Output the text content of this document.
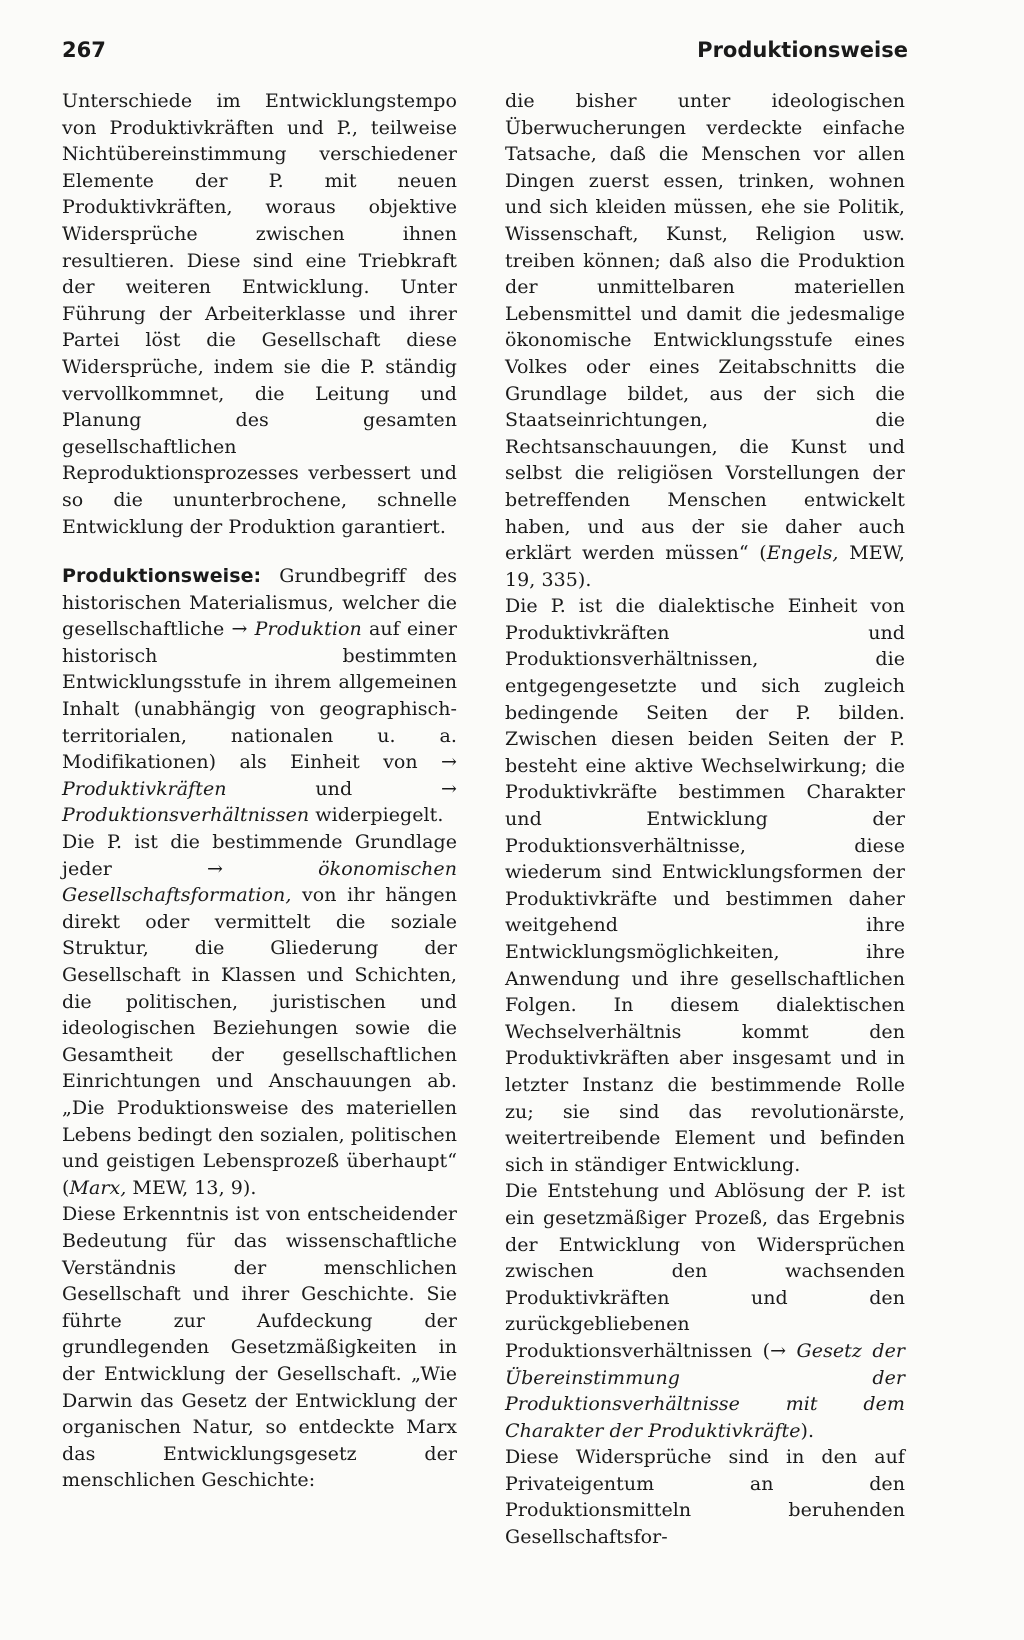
267	Produktionsweise

Unterschiede im Entwicklungstempo von Produktivkräften und P., teilweise Nichtübereinstimmung verschiedener Elemente der P. mit neuen Produktivkräften, woraus objektive Widersprüche zwischen ihnen resultieren. Diese sind eine Triebkraft der weiteren Entwicklung. Unter Führung der Arbeiterklasse und ihrer Partei löst die Gesellschaft diese Widersprüche, indem sie die P. ständig vervollkommnet, die Leitung und Planung des gesamten gesellschaftlichen Reproduktionsprozesses verbessert und so die ununterbrochene, schnelle Entwicklung der Produktion garantiert.

Produktionsweise: Grundbegriff des historischen Materialismus, welcher die gesellschaftliche → Produktion auf einer historisch bestimmten Entwicklungsstufe in ihrem allgemeinen Inhalt (unabhängig von geographisch-territorialen, nationalen u. a. Modifikationen) als Einheit von → Produktivkräften und → Produktionsverhältnissen widerpiegelt.

Die P. ist die bestimmende Grundlage jeder →	ökonomischen Gesellschaftsformation, von ihr hängen direkt oder vermittelt die soziale Struktur, die Gliederung der Gesellschaft in Klassen und Schichten, die politischen, juristischen und ideologischen Beziehungen sowie die Gesamtheit der gesellschaftlichen Einrichtungen und Anschauungen ab. „Die Produktionsweise des materiellen Lebens bedingt den sozialen, politischen und geistigen Lebensprozeß überhaupt“ (Marx, MEW, 13, 9).

Diese Erkenntnis ist von entscheidender Bedeutung für das wissenschaftliche Verständnis der menschlichen Gesellschaft und ihrer Geschichte. Sie führte zur Aufdeckung der grundlegenden Gesetzmäßigkeiten in der Entwicklung der Gesellschaft. „Wie Darwin das Gesetz der Entwicklung der organischen Natur, so entdeckte Marx das Entwicklungsgesetz der menschlichen Geschichte:

die bisher unter ideologischen Überwucherungen verdeckte einfache Tatsache, daß die Menschen vor allen Dingen zuerst essen, trinken, wohnen und sich kleiden müssen, ehe sie Politik, Wissenschaft, Kunst, Religion usw. treiben können; daß also die Produktion der unmittelbaren materiellen Lebensmittel und damit die jedesmalige ökonomische Entwicklungsstufe eines Volkes oder eines Zeitabschnitts die Grundlage bildet, aus der sich die Staatseinrichtungen, die Rechtsanschauungen, die Kunst und selbst die religiösen Vorstellungen der betreffenden Menschen entwickelt haben, und aus der sie daher auch erklärt werden müssen“ (Engels, MEW, 19, 335).

Die P. ist die dialektische Einheit von Produktivkräften und Produktionsverhältnissen, die entgegengesetzte und sich zugleich bedingende Seiten der P. bilden. Zwischen diesen beiden Seiten der P. besteht eine aktive Wechselwirkung; die Produktivkräfte bestimmen Charakter und Entwicklung der Produktionsverhältnisse, diese wiederum sind Entwicklungsformen der Produktivkräfte und bestimmen daher weitgehend ihre Entwicklungsmöglichkeiten, ihre Anwendung und ihre gesellschaftlichen Folgen. In diesem dialektischen Wechselverhältnis kommt den Produktivkräften aber insgesamt und in letzter Instanz die bestimmende Rolle zu; sie sind das revolutionärste, weitertreibende Element und befinden sich in ständiger Entwicklung.

Die Entstehung und Ablösung der P. ist ein gesetzmäßiger Prozeß, das Ergebnis der Entwicklung von Widersprüchen zwischen den wachsenden Produktivkräften und den zurückgebliebenen Produktionsverhältnissen (→ Gesetz der Übereinstimmung der Produktionsverhältnisse mit dem Charakter der Produktivkräfte).

Diese Widersprüche sind in den auf Privateigentum an den Produktionsmitteln beruhenden Gesellschaftsfor-
